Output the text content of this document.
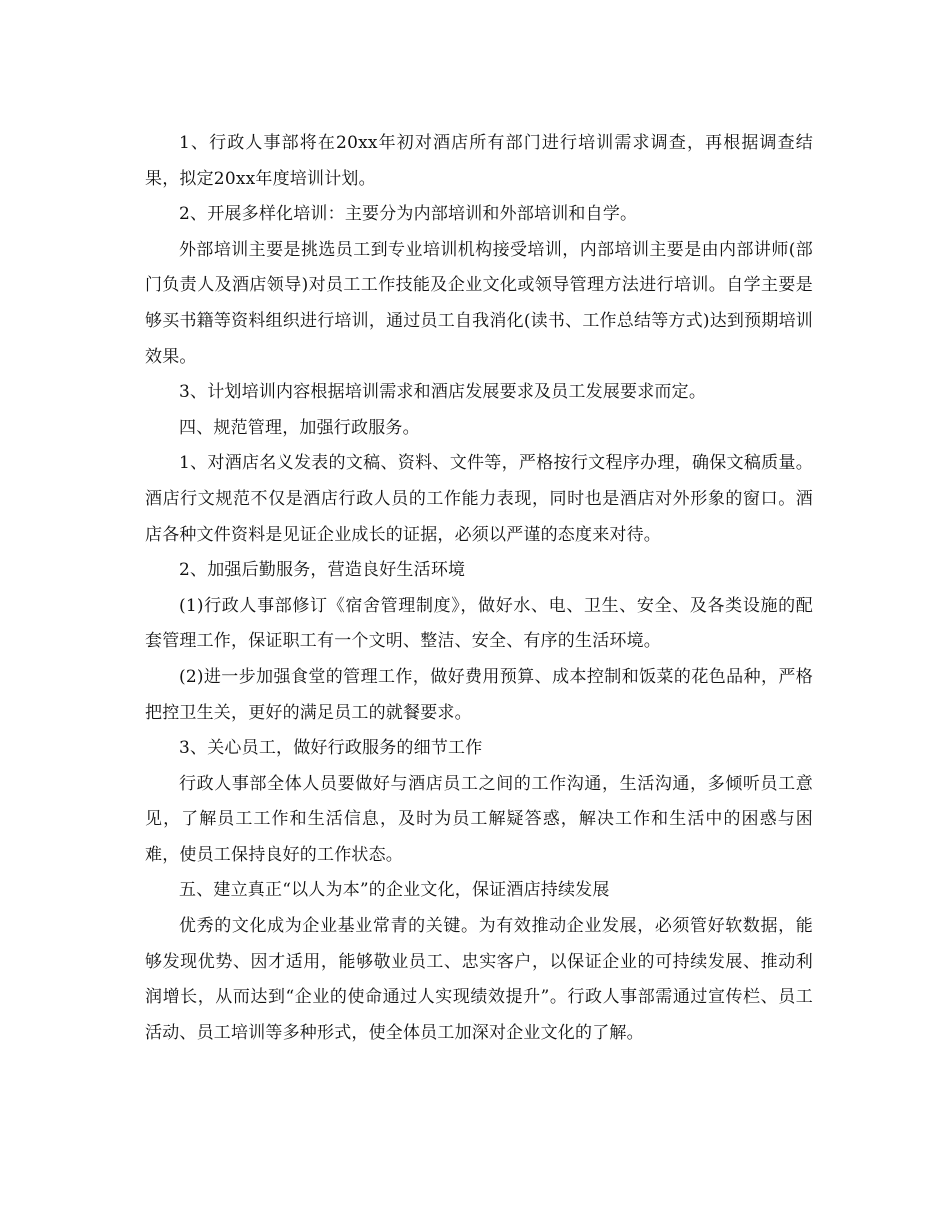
1、行政人事部将在20xx年初对酒店所有部门进行培训需求调查，再根据调查结果，拟定20xx年度培训计划。

2、开展多样化培训：主要分为内部培训和外部培训和自学。

外部培训主要是挑选员工到专业培训机构接受培训，内部培训主要是由内部讲师(部门负责人及酒店领导)对员工工作技能及企业文化或领导管理方法进行培训。自学主要是够买书籍等资料组织进行培训，通过员工自我消化(读书、工作总结等方式)达到预期培训效果。

3、计划培训内容根据培训需求和酒店发展要求及员工发展要求而定。

四、规范管理，加强行政服务。

1、对酒店名义发表的文稿、资料、文件等，严格按行文程序办理，确保文稿质量。酒店行文规范不仅是酒店行政人员的工作能力表现，同时也是酒店对外形象的窗口。酒店各种文件资料是见证企业成长的证据，必须以严谨的态度来对待。

2、加强后勤服务，营造良好生活环境

(1)行政人事部修订《宿舍管理制度》，做好水、电、卫生、安全、及各类设施的配套管理工作，保证职工有一个文明、整洁、安全、有序的生活环境。

(2)进一步加强食堂的管理工作，做好费用预算、成本控制和饭菜的花色品种，严格把控卫生关，更好的满足员工的就餐要求。

3、关心员工，做好行政服务的细节工作

行政人事部全体人员要做好与酒店员工之间的工作沟通，生活沟通，多倾听员工意见，了解员工工作和生活信息，及时为员工解疑答惑，解决工作和生活中的困惑与困难，使员工保持良好的工作状态。

五、建立真正“以人为本”的企业文化，保证酒店持续发展

优秀的文化成为企业基业常青的关键。为有效推动企业发展，必须管好软数据，能够发现优势、因才适用，能够敬业员工、忠实客户，以保证企业的可持续发展、推动利润增长，从而达到“企业的使命通过人实现绩效提升”。行政人事部需通过宣传栏、员工活动、员工培训等多种形式，使全体员工加深对企业文化的了解。
